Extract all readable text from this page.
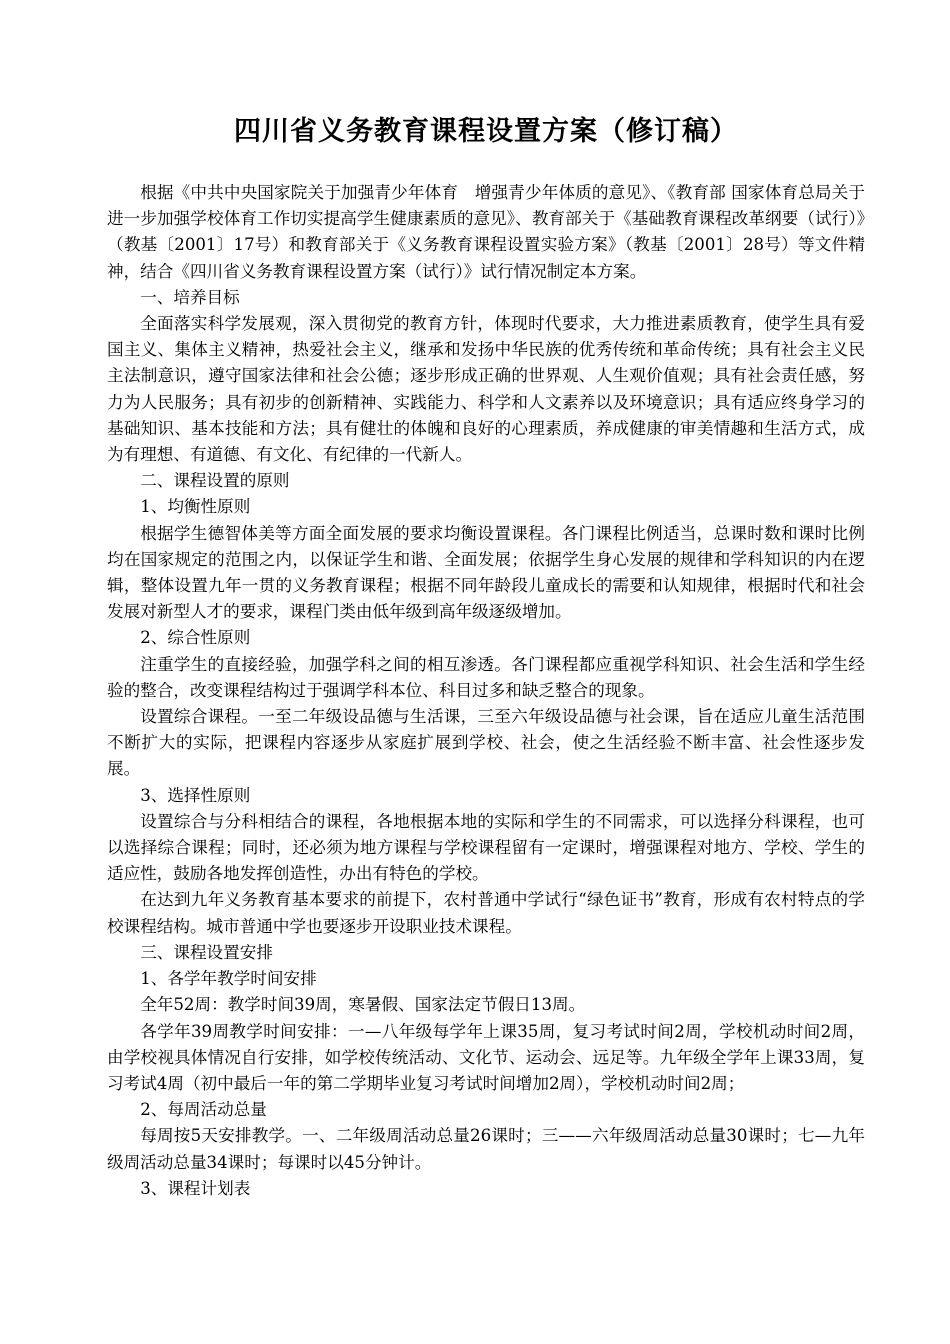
四川省义务教育课程设置方案（修订稿）

根据《中共中央国家院关于加强青少年体育　增强青少年体质的意见》、《教育部 国家体育总局关于进一步加强学校体育工作切实提高学生健康素质的意见》、教育部关于《基础教育课程改革纲要（试行）》（教基〔2001〕17号）和教育部关于《义务教育课程设置实验方案》（教基〔2001〕28号）等文件精神，结合《四川省义务教育课程设置方案（试行）》试行情况制定本方案。

一、培养目标

全面落实科学发展观，深入贯彻党的教育方针，体现时代要求，大力推进素质教育，使学生具有爱国主义、集体主义精神，热爱社会主义，继承和发扬中华民族的优秀传统和革命传统；具有社会主义民主法制意识，遵守国家法律和社会公德；逐步形成正确的世界观、人生观价值观；具有社会责任感，努力为人民服务；具有初步的创新精神、实践能力、科学和人文素养以及环境意识；具有适应终身学习的基础知识、基本技能和方法；具有健壮的体魄和良好的心理素质，养成健康的审美情趣和生活方式，成为有理想、有道德、有文化、有纪律的一代新人。

二、课程设置的原则

1、均衡性原则

根据学生德智体美等方面全面发展的要求均衡设置课程。各门课程比例适当，总课时数和课时比例均在国家规定的范围之内，以保证学生和谐、全面发展；依据学生身心发展的规律和学科知识的内在逻辑，整体设置九年一贯的义务教育课程；根据不同年龄段儿童成长的需要和认知规律，根据时代和社会发展对新型人才的要求，课程门类由低年级到高年级逐级增加。

2、综合性原则

注重学生的直接经验，加强学科之间的相互渗透。各门课程都应重视学科知识、社会生活和学生经验的整合，改变课程结构过于强调学科本位、科目过多和缺乏整合的现象。

设置综合课程。一至二年级设品德与生活课，三至六年级设品德与社会课，旨在适应儿童生活范围不断扩大的实际，把课程内容逐步从家庭扩展到学校、社会，使之生活经验不断丰富、社会性逐步发展。

3、选择性原则

设置综合与分科相结合的课程，各地根据本地的实际和学生的不同需求，可以选择分科课程，也可以选择综合课程；同时，还必须为地方课程与学校课程留有一定课时，增强课程对地方、学校、学生的适应性，鼓励各地发挥创造性，办出有特色的学校。

在达到九年义务教育基本要求的前提下，农村普通中学试行“绿色证书”教育，形成有农村特点的学校课程结构。城市普通中学也要逐步开设职业技术课程。

三、课程设置安排

1、各学年教学时间安排

全年52周：教学时间39周，寒暑假、国家法定节假日13周。

各学年39周教学时间安排：一—八年级每学年上课35周，复习考试时间2周，学校机动时间2周，由学校视具体情况自行安排，如学校传统活动、文化节、运动会、远足等。九年级全学年上课33周，复习考试4周（初中最后一年的第二学期毕业复习考试时间增加2周），学校机动时间2周；

2、每周活动总量

每周按5天安排教学。一、二年级周活动总量26课时；三——六年级周活动总量30课时；七—九年级周活动总量34课时；每课时以45分钟计。

3、课程计划表
